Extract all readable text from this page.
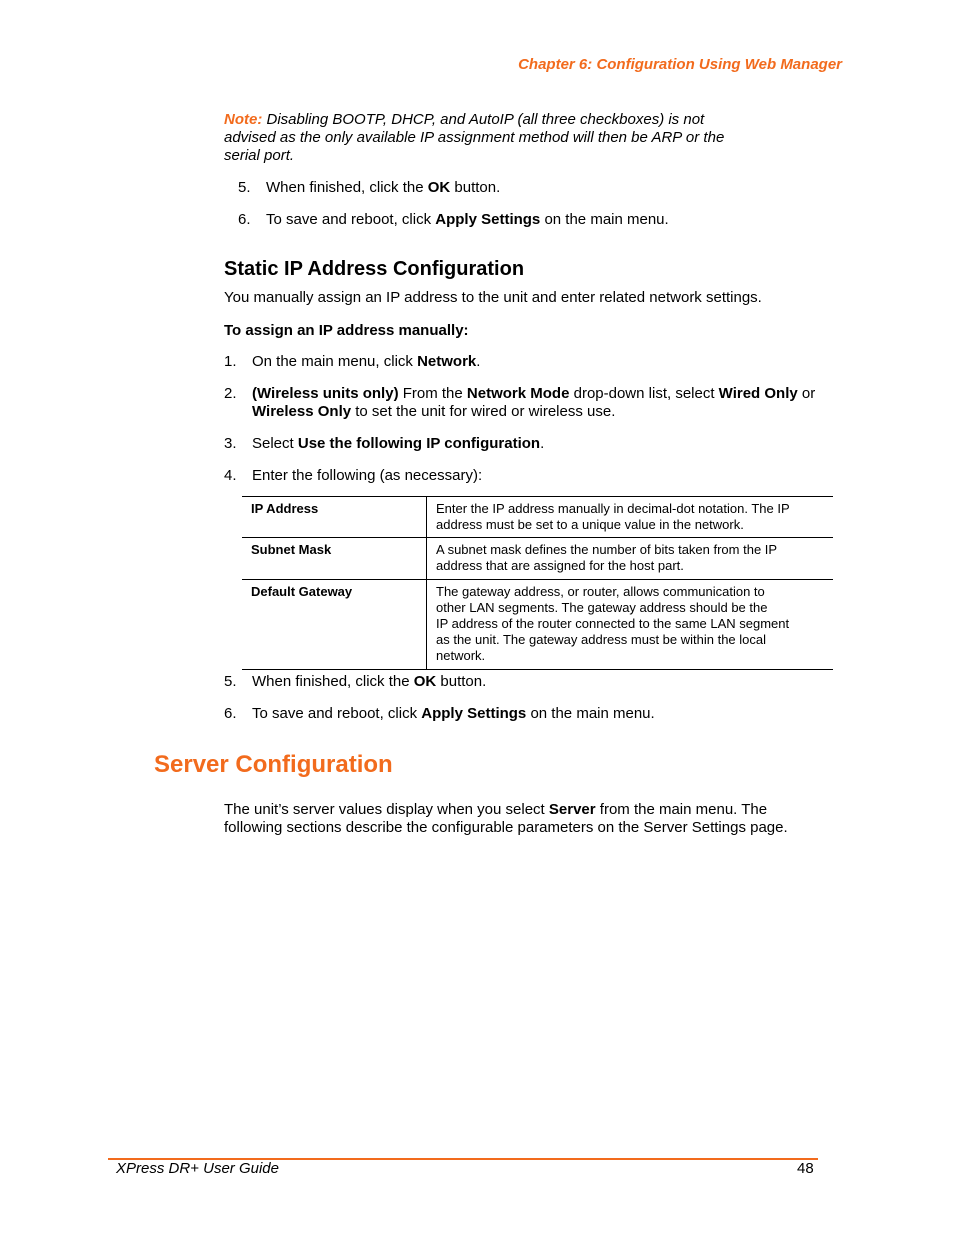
Chapter 6: Configuration Using Web Manager
Note: Disabling BOOTP, DHCP, and AutoIP (all three checkboxes) is not
advised as the only available IP assignment method will then be ARP or the
serial port.
5. When finished, click the OK button.
6. To save and reboot, click Apply Settings on the main menu.
Static IP Address Configuration
You manually assign an IP address to the unit and enter related network settings.
To assign an IP address manually:
1. On the main menu, click Network.
2. (Wireless units only) From the Network Mode drop-down list, select Wired Only or
Wireless Only to set the unit for wired or wireless use.
3. Select Use the following IP configuration.
4. Enter the following (as necessary):
IP Address	Enter the IP address manually in decimal-dot notation. The IP
address must be set to a unique value in the network.
Subnet Mask	A subnet mask defines the number of bits taken from the IP
address that are assigned for the host part.
Default Gateway	The gateway address, or router, allows communication to
other LAN segments. The gateway address should be the
IP address of the router connected to the same LAN segment
as the unit. The gateway address must be within the local
network.
5. When finished, click the OK button.
6. To save and reboot, click Apply Settings on the main menu.
Server Configuration
The unit’s server values display when you select Server from the main menu. The
following sections describe the configurable parameters on the Server Settings page.
XPress DR+ User Guide	48
